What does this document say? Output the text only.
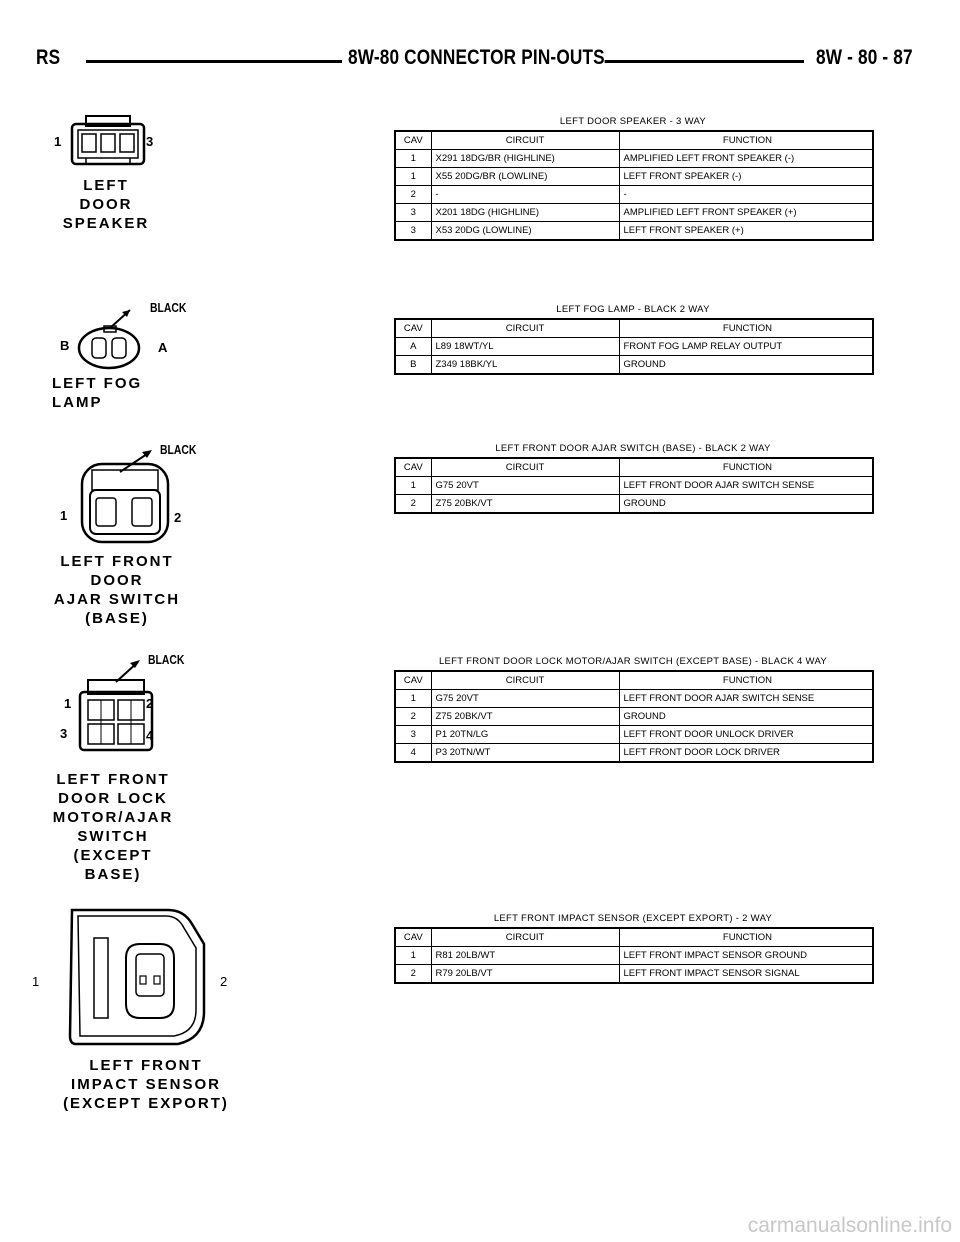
RS	8W-80 CONNECTOR PIN-OUTS	8W - 80 - 87
1	3
LEFT
DOOR
SPEAKER
BLACK
B	A
LEFT FOG LAMP
BLACK
1	2
LEFT FRONT DOOR
AJAR SWITCH
(BASE)
BLACK
1	2
3	4
LEFT FRONT
DOOR LOCK
MOTOR/AJAR
SWITCH
(EXCEPT BASE)
1	2
LEFT FRONT
IMPACT SENSOR
(EXCEPT EXPORT)
LEFT DOOR SPEAKER - 3 WAY
CAV	CIRCUIT	FUNCTION
1	X291 18DG/BR (HIGHLINE)	AMPLIFIED LEFT FRONT SPEAKER (-)
1	X55 20DG/BR (LOWLINE)	LEFT FRONT SPEAKER (-)
2	-	-
3	X201 18DG (HIGHLINE)	AMPLIFIED LEFT FRONT SPEAKER (+)
3	X53 20DG (LOWLINE)	LEFT FRONT SPEAKER (+)
LEFT FOG LAMP - BLACK 2 WAY
CAV	CIRCUIT	FUNCTION
A	L89 18WT/YL	FRONT FOG LAMP RELAY OUTPUT
B	Z349 18BK/YL	GROUND
LEFT FRONT DOOR AJAR SWITCH (BASE) - BLACK 2 WAY
CAV	CIRCUIT	FUNCTION
1	G75 20VT	LEFT FRONT DOOR AJAR SWITCH SENSE
2	Z75 20BK/VT	GROUND
LEFT FRONT DOOR LOCK MOTOR/AJAR SWITCH (EXCEPT BASE) - BLACK 4 WAY
CAV	CIRCUIT	FUNCTION
1	G75 20VT	LEFT FRONT DOOR AJAR SWITCH SENSE
2	Z75 20BK/VT	GROUND
3	P1 20TN/LG	LEFT FRONT DOOR UNLOCK DRIVER
4	P3 20TN/WT	LEFT FRONT DOOR LOCK DRIVER
LEFT FRONT IMPACT SENSOR (EXCEPT EXPORT) - 2 WAY
CAV	CIRCUIT	FUNCTION
1	R81 20LB/WT	LEFT FRONT IMPACT SENSOR GROUND
2	R79 20LB/VT	LEFT FRONT IMPACT SENSOR SIGNAL
carmanualsonline.info
